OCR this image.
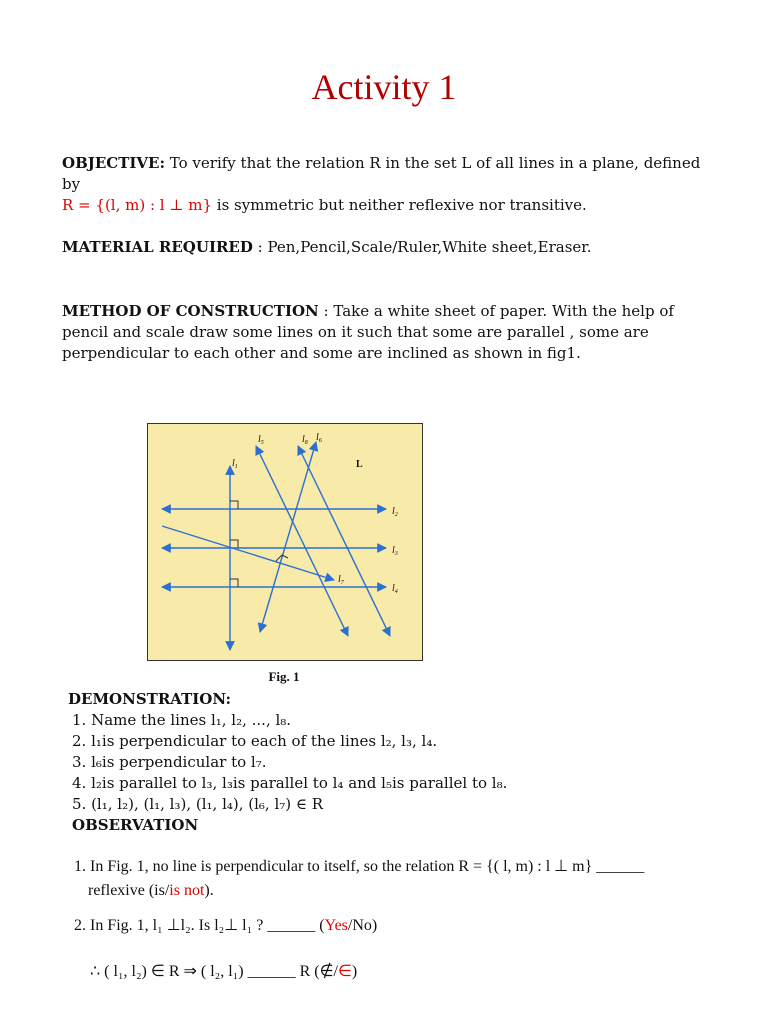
Activity 1
OBJECTIVE: To verify that the relation R in the set L of all lines in a plane, defined by
R = {(l, m) : l ⊥ m} is symmetric but neither reflexive nor transitive.
MATERIAL REQUIRED : Pen,Pencil,Scale/Ruler,White sheet,Eraser.
METHOD OF CONSTRUCTION : Take a white sheet of paper. With the help of pencil and scale draw some lines on it such that some are parallel , some are perpendicular to each other and some are inclined as shown in fig1.
$l_1$
$l_2$
$l_3$
$l_4$
$l_5$	$l_6$
$l_7$
$l_8$
L
Fig. 1

DEMONSTRATION:

1. Name the lines l₁, l₂, ..., l₈.

2. l₁is perpendicular to each of the lines l₂, l₃, l₄.

3. l₆is perpendicular to l₇.

4. l₂is parallel to l₃, l₃is parallel to l₄ and l₅is parallel to l₈.

5. (l₁, l₂), (l₁, l₃), (l₁, l₄), (l₆, l₇) ∈ R

OBSERVATION

1. In Fig. 1, no line is perpendicular to itself, so the relation R = {( l, m) : l ⊥ m} ______
reflexive (is/is not).
2. In Fig. 1, l₁ ⊥l₂. Is l₂⊥ l₁ ? ______ (Yes/No)
∴ ( l₁, l₂) ∈ R ⇒ ( l₂, l₁) ______ R (∉/∈)
